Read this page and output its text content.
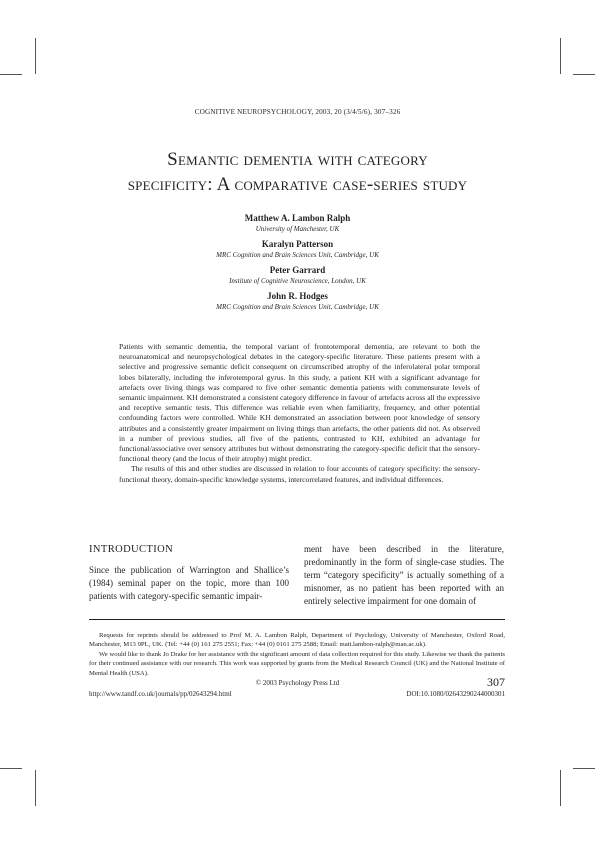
COGNITIVE NEUROPSYCHOLOGY, 2003, 20 (3/4/5/6), 307–326
Semantic dementia with category
specificity: A comparative case-series study
Matthew A. Lambon Ralph
University of Manchester, UK
Karalyn Patterson
MRC Cognition and Brain Sciences Unit, Cambridge, UK
Peter Garrard
Institute of Cognitive Neuroscience, London, UK
John R. Hodges
MRC Cognition and Brain Sciences Unit, Cambridge, UK

Patients with semantic dementia, the temporal variant of frontotemporal dementia, are relevant to both the neuroanatomical and neuropsychological debates in the category-specific literature. These patients present with a selective and progressive semantic deficit consequent on circumscribed atrophy of the inferolateral polar temporal lobes bilaterally, including the inferotemporal gyrus. In this study, a patient KH with a significant advantage for artefacts over living things was compared to five other semantic dementia patients with commensurate levels of semantic impairment. KH demonstrated a consistent category difference in favour of artefacts across all the expressive and receptive semantic tests. This difference was reliable even when familiarity, frequency, and other potential confounding factors were controlled. While KH demonstrated an association between poor knowledge of sensory attributes and a consistently greater impairment on living things than artefacts, the other patients did not. As observed in a number of previous studies, all five of the patients, contrasted to KH, exhibited an advantage for functional/associative over sensory attributes but without demonstrating the category-specific deficit that the sensory-functional theory (and the locus of their atrophy) might predict.

The results of this and other studies are discussed in relation to four accounts of category specificity: the sensory-functional theory, domain-specific knowledge systems, intercorrelated features, and individual differences.

INTRODUCTION

Since the publication of Warrington and Shallice’s (1984) seminal paper on the topic, more than 100 patients with category-specific semantic impair-

ment have been described in the literature, predominantly in the form of single-case studies. The term “category specificity” is actually something of a misnomer, as no patient has been reported with an entirely selective impairment for one domain of

Requests for reprints should be addressed to Prof M. A. Lambon Ralph, Department of Psychology, University of Manchester, Oxford Road, Manchester, M13 9PL, UK. (Tel: +44 (0) 161 275 2551; Fax: +44 (0) 0161 275 2588; Email: matt.lambon-ralph@man.ac.uk).

We would like to thank Jo Drake for her assistance with the significant amount of data collection required for this study. Likewise we thank the patients for their continued assistance with our research. This work was supported by grants from the Medical Research Council (UK) and the National Institute of Mental Health (USA).

© 2003 Psychology Press Ltd	307
http://www.tandf.co.uk/journals/pp/02643294.html	DOI:10.1080/02643290244000301
